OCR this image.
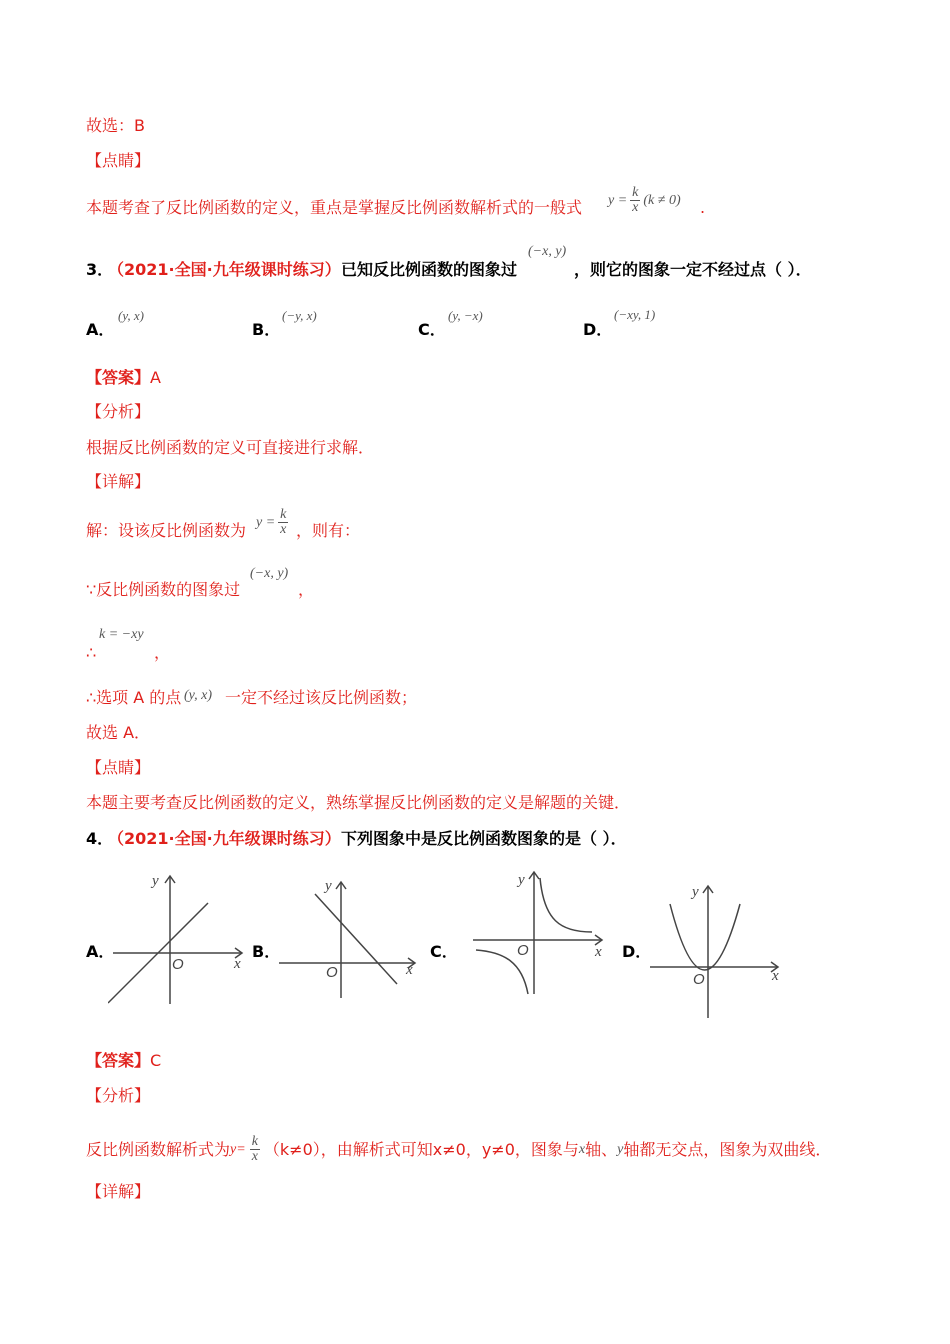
故选：B
【点睛】
本题考查了反比例函数的定义，重点是掌握反比例函数解析式的一般式 $y = \frac{k}{x} (k \ne 0)$ .
3．
（2021·全国·九年级课时练习） 已知反比例函数的图象过
(−x, y)
，则它的图象一定不经过点（ ）．
A．
(y, x)
B．
(−y, x)
C．
(y, −x)
D．
(−xy, 1)
【答案】A
【分析】
根据反比例函数的定义可直接进行求解．
【详解】
解：设该反比例函数为 $y = \frac{k}{x}$ ，则有：
∵反比例函数的图象过
(−x, y)
，
∴
k = −xy
，
∴选项 A 的点 (y, x) 一定不经过该反比例函数；
故选 A．
【点睛】
本题主要考查反比例函数的定义，熟练掌握反比例函数的定义是解题的关键．
4．
（2021·全国·九年级课时练习） 下列图象中是反比例函数图象的是（ ）．
A．
y
x
O
B．
y
x
O
C．
y
x
O	D．
y
x
O
【答案】C
【分析】
反比例函数解析式为 $y= \frac{k}{x} (k\ne 0)$，由解析式可知 x≠0， y≠0， 图象与 x 轴、 y 轴都无交点，图象为双曲线．
【详解】
